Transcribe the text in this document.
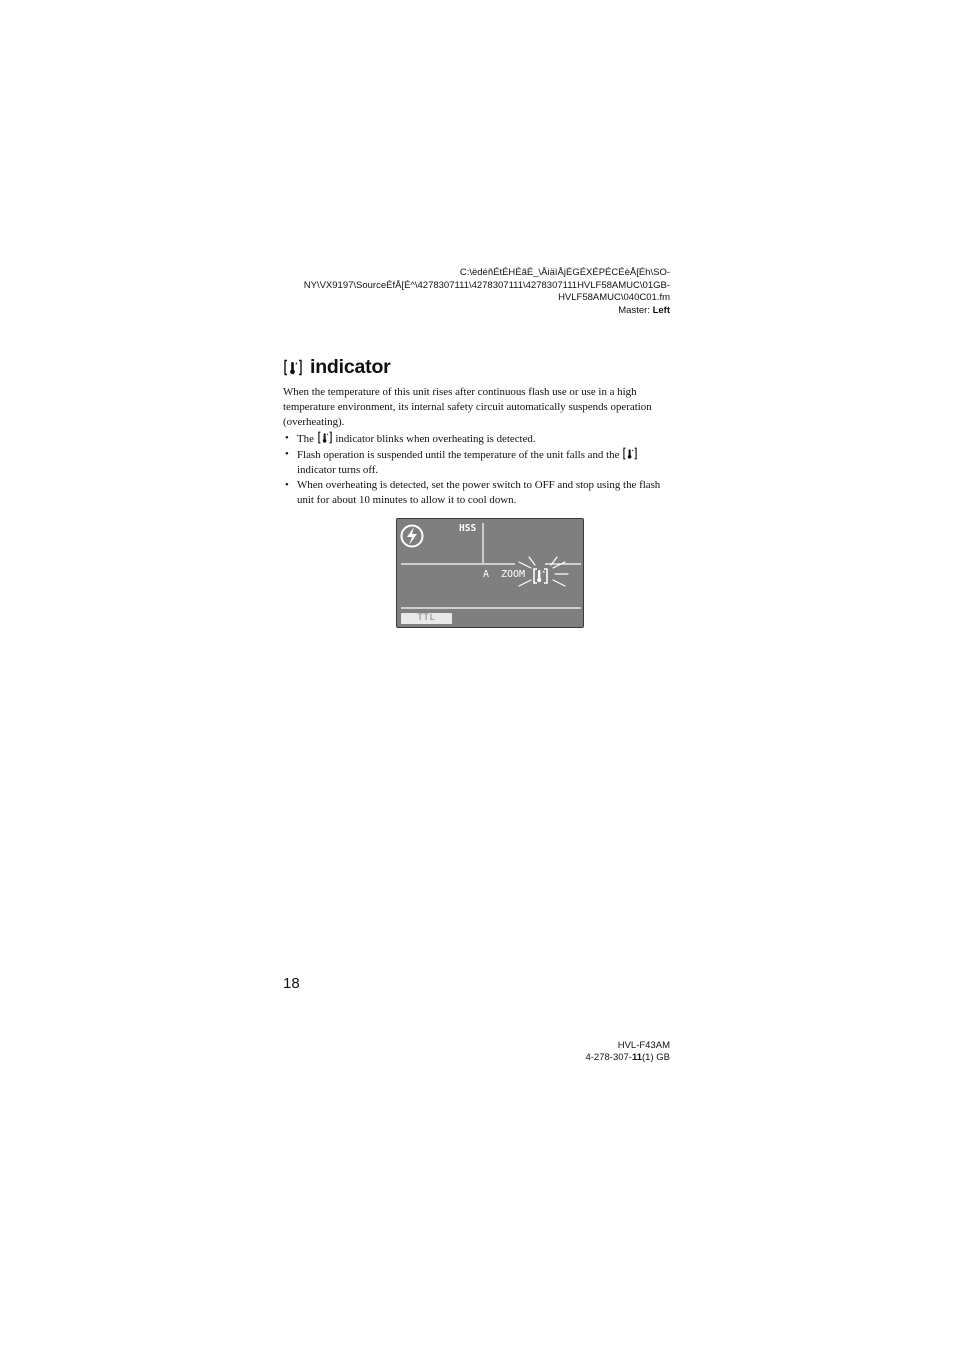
C:\ëdéñÉtÉHÉãÉ_\ÅiäìÅjÉGÉXÉPÉCÉèÅ[Éh\SO-
NY\VX9197\SourceÉfÅ[É^\4278307111\4278307111\4278307111HVLF58AMUC\01GB-
HVLF58AMUC\040C01.fm
Master: Left
indicator

When the temperature of this unit rises after continuous flash use or use in a high temperature environment, its internal safety circuit automatically suspends operation (overheating).

• The  indicator blinks when overheating is detected.
• Flash operation is suspended until the temperature of the unit falls and the  indicator turns off.
• When overheating is detected, set the power switch to OFF and stop using the flash unit for about 10 minutes to allow it to cool down.
HSS
A ZOOM
TTL
18
HVL-F43AM
4-278-307-11(1) GB
